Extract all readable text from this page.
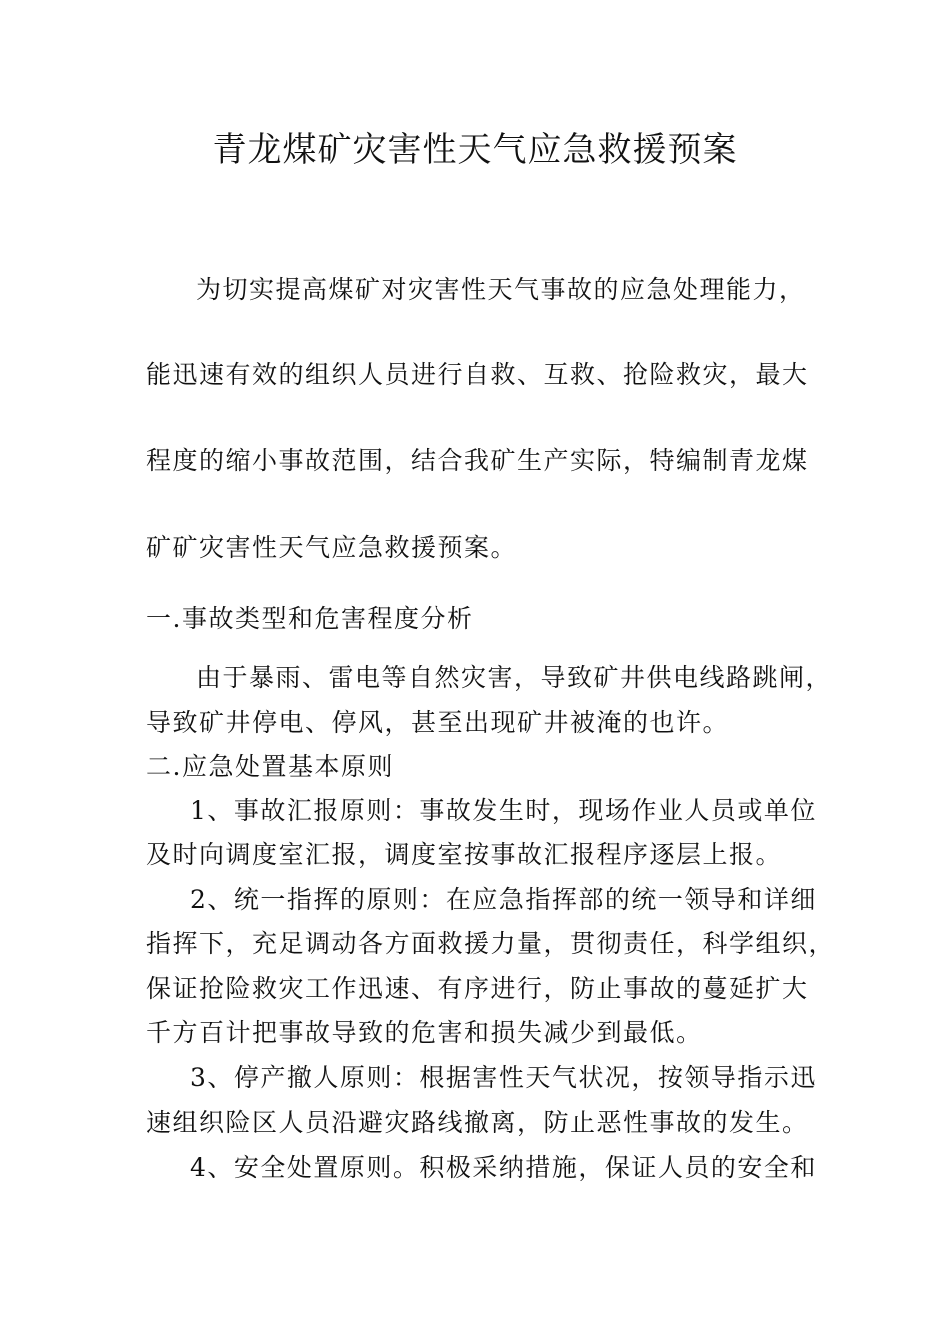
青龙煤矿灾害性天气应急救援预案
为切实提高煤矿对灾害性天气事故的应急处理能力，
能迅速有效的组织人员进行自救、互救、抢险救灾，最大
程度的缩小事故范围，结合我矿生产实际，特编制青龙煤
矿矿灾害性天气应急救援预案。
一.事故类型和危害程度分析
由于暴雨、雷电等自然灾害，导致矿井供电线路跳闸，
导致矿井停电、停风，甚至出现矿井被淹的也许。
二.应急处置基本原则
1、事故汇报原则：事故发生时，现场作业人员或单位
及时向调度室汇报，调度室按事故汇报程序逐层上报。
2、统一指挥的原则：在应急指挥部的统一领导和详细
指挥下，充足调动各方面救援力量，贯彻责任，科学组织，
保证抢险救灾工作迅速、有序进行，防止事故的蔓延扩大
千方百计把事故导致的危害和损失减少到最低。
3、停产撤人原则：根据害性天气状况，按领导指示迅
速组织险区人员沿避灾路线撤离，防止恶性事故的发生。
4、安全处置原则。积极采纳措施，保证人员的安全和
